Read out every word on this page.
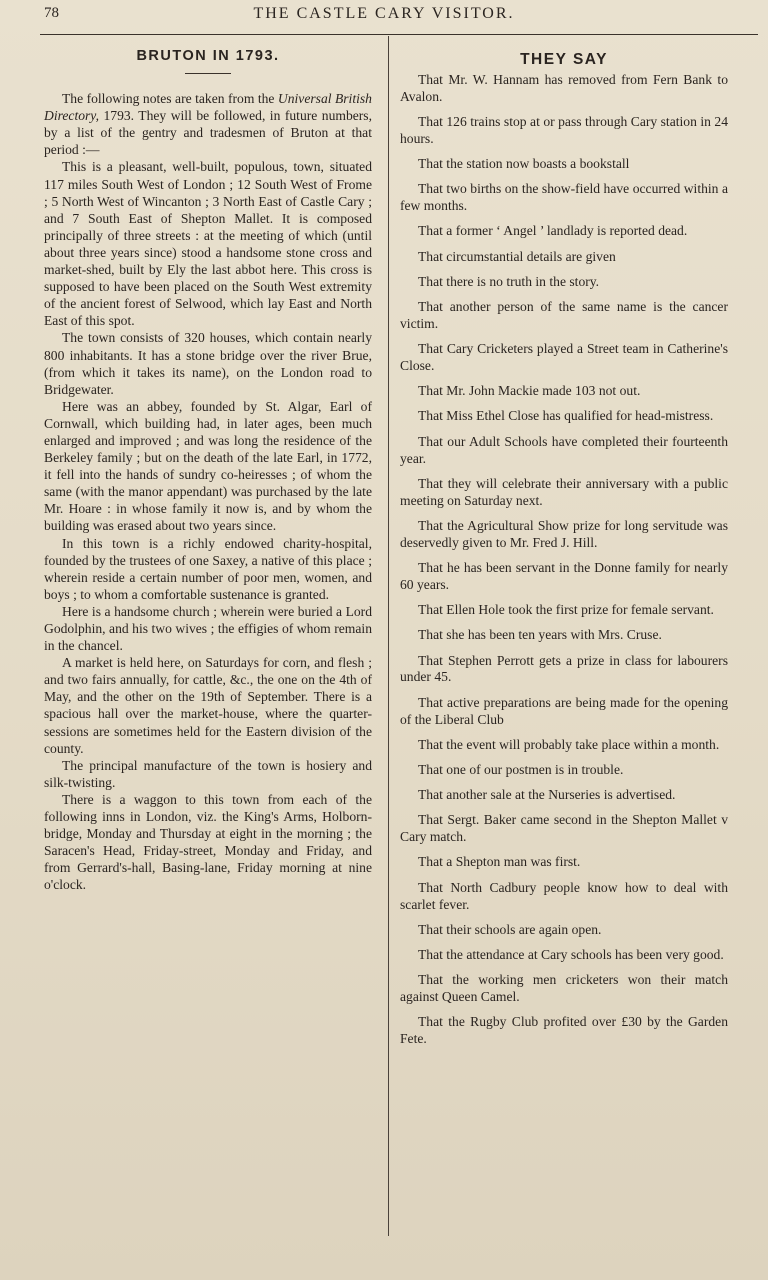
78	THE CASTLE CARY VISITOR.
BRUTON IN 1793.

The following notes are taken from the Universal British Directory, 1793. They will be followed, in future numbers, by a list of the gentry and tradesmen of Bruton at that period :—

This is a pleasant, well-built, populous, town, situated 117 miles South West of London ; 12 South West of Frome ; 5 North West of Wincanton ; 3 North East of Castle Cary ; and 7 South East of Shepton Mallet. It is composed principally of three streets : at the meeting of which (until about three years since) stood a handsome stone cross and market-shed, built by Ely the last abbot here. This cross is supposed to have been placed on the South West extremity of the ancient forest of Selwood, which lay East and North East of this spot.

The town consists of 320 houses, which contain nearly 800 inhabitants. It has a stone bridge over the river Brue, (from which it takes its name), on the London road to Bridgewater.

Here was an abbey, founded by St. Algar, Earl of Cornwall, which building had, in later ages, been much enlarged and improved ; and was long the residence of the Berkeley family ; but on the death of the late Earl, in 1772, it fell into the hands of sundry co-heiresses ; of whom the same (with the manor appendant) was purchased by the late Mr. Hoare : in whose family it now is, and by whom the building was erased about two years since.

In this town is a richly endowed charity-hospital, founded by the trustees of one Saxey, a native of this place ; wherein reside a certain number of poor men, women, and boys ; to whom a comfortable sustenance is granted.

Here is a handsome church ; wherein were buried a Lord Godolphin, and his two wives ; the effigies of whom remain in the chancel.

A market is held here, on Saturdays for corn, and flesh ; and two fairs annually, for cattle, &c., the one on the 4th of May, and the other on the 19th of September. There is a spacious hall over the market-house, where the quarter-sessions are sometimes held for the Eastern division of the county.

The principal manufacture of the town is hosiery and silk-twisting.

There is a waggon to this town from each of the following inns in London, viz. the King's Arms, Holborn-bridge, Monday and Thursday at eight in the morning ; the Saracen's Head, Friday-street, Monday and Friday, and from Gerrard's-hall, Basing-lane, Friday morning at nine o'clock.

THEY SAY

That Mr. W. Hannam has removed from Fern Bank to Avalon.

That 126 trains stop at or pass through Cary station in 24 hours.

That the station now boasts a bookstall

That two births on the show-field have occurred within a few months.

That a former ‘ Angel ’ landlady is reported dead.

That circumstantial details are given

That there is no truth in the story.

That another person of the same name is the cancer victim.

That Cary Cricketers played a Street team in Catherine's Close.

That Mr. John Mackie made 103 not out.

That Miss Ethel Close has qualified for head-mistress.

That our Adult Schools have completed their fourteenth year.

That they will celebrate their anniversary with a public meeting on Saturday next.

That the Agricultural Show prize for long servitude was deservedly given to Mr. Fred J. Hill.

That he has been servant in the Donne family for nearly 60 years.

That Ellen Hole took the first prize for female servant.

That she has been ten years with Mrs. Cruse.

That Stephen Perrott gets a prize in class for labourers under 45.

That active preparations are being made for the opening of the Liberal Club

That the event will probably take place within a month.

That one of our postmen is in trouble.

That another sale at the Nurseries is advertised.

That Sergt. Baker came second in the Shepton Mallet v Cary match.

That a Shepton man was first.

That North Cadbury people know how to deal with scarlet fever.

That their schools are again open.

That the attendance at Cary schools has been very good.

That the working men cricketers won their match against Queen Camel.

That the Rugby Club profited over £30 by the Garden Fete.
